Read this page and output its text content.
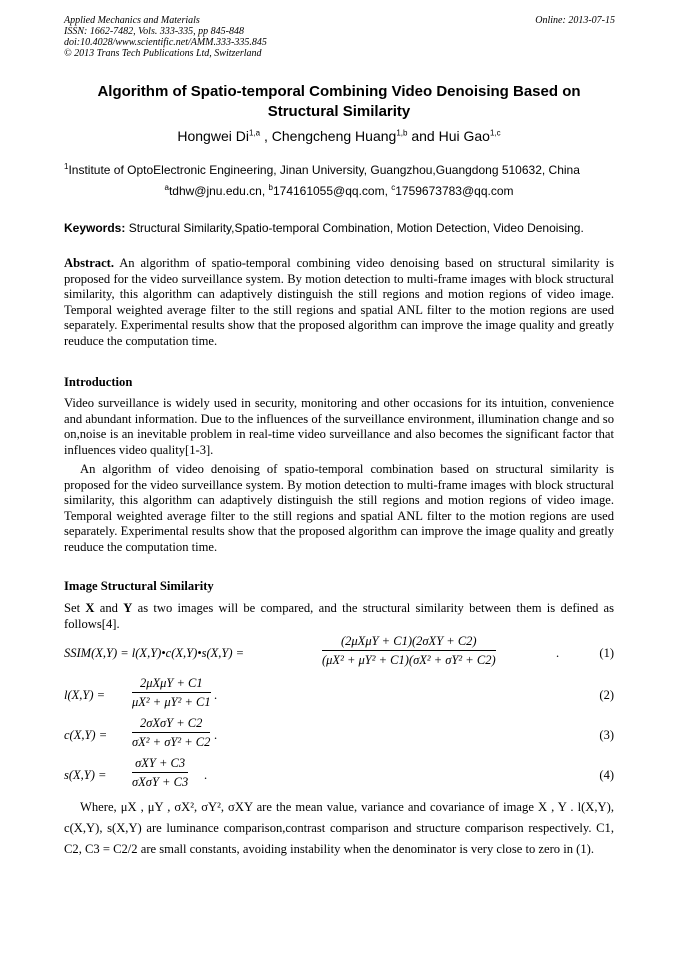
Applied Mechanics and Materials
ISSN: 1662-7482, Vols. 333-335, pp 845-848
doi:10.4028/www.scientific.net/AMM.333-335.845
© 2013 Trans Tech Publications Ltd, Switzerland
Online: 2013-07-15
Algorithm of Spatio-temporal Combining Video Denoising Based on Structural Similarity
Hongwei Di$^{1,a}$ , Chengcheng Huang$^{1,b}$ and Hui Gao$^{1,c}$
$^1$Institute of OptoElectronic Engineering, Jinan University, Guangzhou,Guangdong 510632, China
$^a$tdhw@jnu.edu.cn, $^b$174161055@qq.com, $^c$1759673783@qq.com
Keywords: Structural Similarity,Spatio-temporal Combination, Motion Detection, Video Denoising.
Abstract. An algorithm of spatio-temporal combining video denoising based on structural similarity is proposed for the video surveillance system. By motion detection to multi-frame images with block structural similarity, this algorithm can adaptively distinguish the still regions and motion regions of video image. Temporal weighted average filter to the still regions and spatial ANL filter to the motion regions are used separately. Experimental results show that the proposed algorithm can improve the image quality and greatly reuduce the computation time.
Introduction
Video surveillance is widely used in security, monitoring and other occasions for its intuition, convenience and abundant information. Due to the influences of the surveillance environment, illumination change and so on,noise is an inevitable problem in real-time video surveillance and also becomes the significant factor that influences video quality[1-3].
An algorithm of video denoising of spatio-temporal combination based on structural similarity is proposed for the video surveillance system. By motion detection to multi-frame images with block structural similarity, this algorithm can adaptively distinguish the still regions and motion regions of video image. Temporal weighted average filter to the still regions and spatial ANL filter to the motion regions are used separately. Experimental results show that the proposed algorithm can improve the image quality and greatly reuduce the computation time.
Image Structural Similarity
Set X and Y as two images will be compared, and the structural similarity between them is defined as follows[4].
SSIM(X,Y) = l(X,Y)•c(X,Y)•s(X,Y) =
(2μXμY + C1)(2σXY + C2)
(μX² + μY² + C1)(σX² + σY² + C2)	.	(1)
l(X,Y) =
2μXμY + C1
μX² + μY² + C1 .	(2)
c(X,Y) =
2σXσY + C2
σX² + σY² + C2 .	(3)
s(X,Y) =
σXY + C3
σXσY + C3 .	(4)
Where, μX , μY , σX², σY², σXY are the mean value, variance and covariance of image X , Y . l(X,Y), c(X,Y), s(X,Y) are luminance comparison,contrast comparison and structure comparison respectively. C1, C2, C3 = C2/2 are small constants, avoiding instability when the denominator is very close to zero in (1).
